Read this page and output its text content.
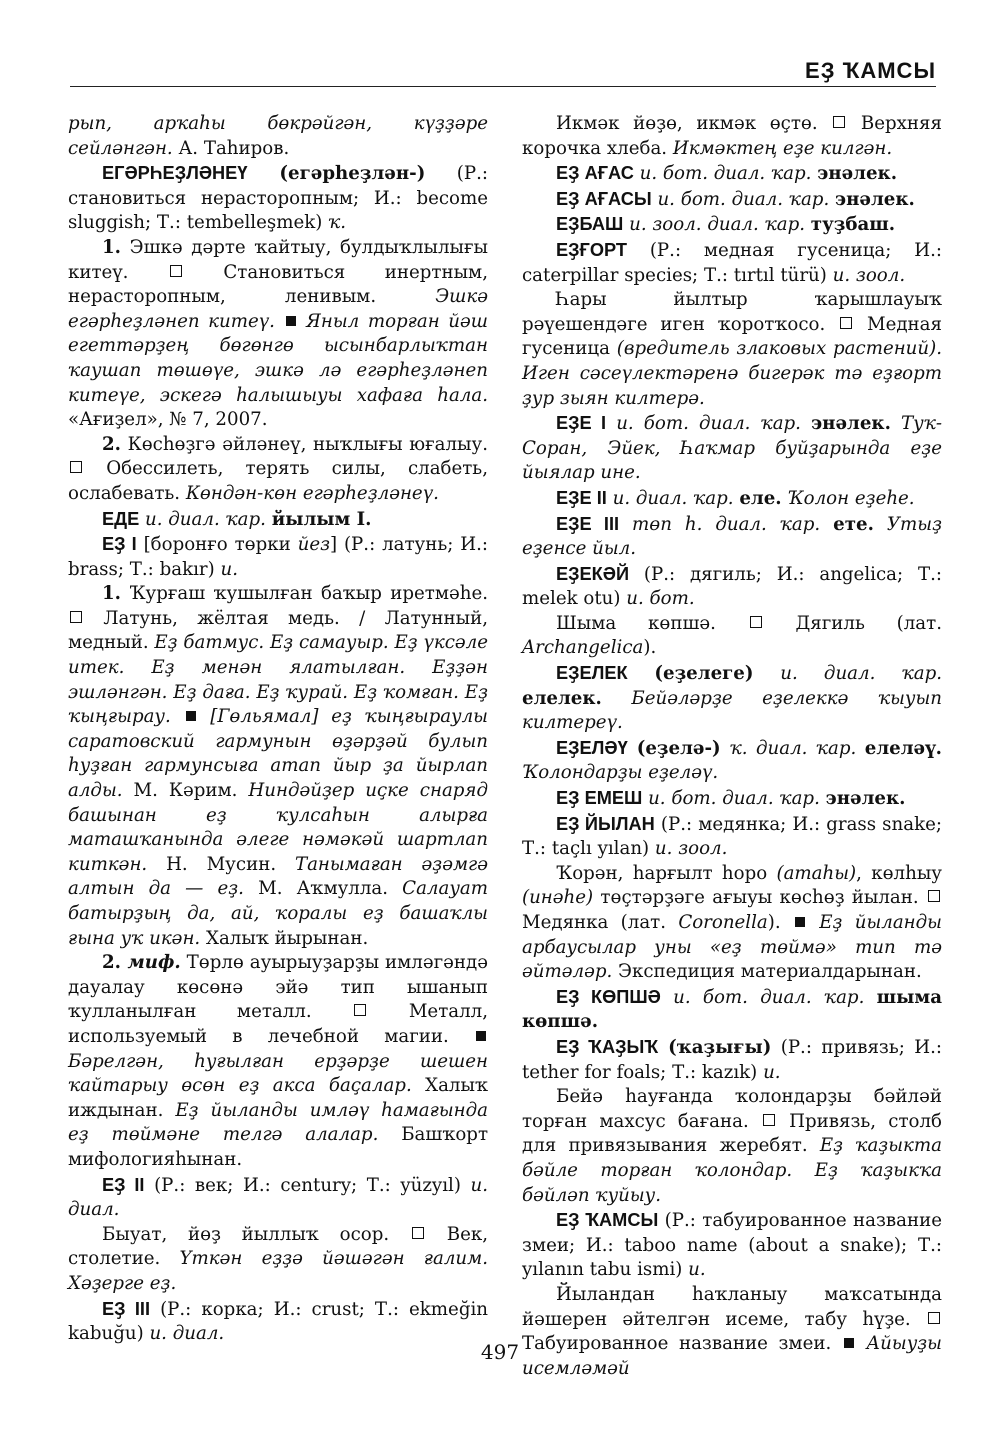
ЕҘ ҠАМСЫ

рып, арҡаһы бөкрәйгән, күҙҙәре сейләнгән. А. Таһиров.

ЕГӘРҺЕҘЛӘНЕҮ (егәрһеҙлән-) (Р.: становиться нерасторопным; И.: become sluggish; Т.: tembelleşmek) ҡ.

1. Эшкә дәрте ҡайтыу, булдыҡлылығы китеү.  Становиться инертным, нерасторопным, ленивым. Эшкә егәрһеҙләнеп китеү.  Яныл торған йәш егеттәрҙең бөгөнгө ысынбарлыҡтан ҡаушап төшөүе, эшкә лә егәрһеҙләнеп китеүе, эскегә һалышыуы хафаға һала. «Ағиҙел», № 7, 2007.

2. Көсһөҙгә әйләнеү, ныҡлығы юғалыу.  Обессилеть, терять силы, слабеть, ослабевать. Көндән-көн егәрһеҙләнеү.

ЕДЕ и. диал. ҡар. йылым І.

ЕҘ І [боронғо төрки йез] (Р.: латунь; И.: brass; Т.: bakır) и.

1. Ҡурғаш ҡушылған баҡыр иретмәһе.  Латунь, жёлтая медь. / Латунный, медный. Еҙ батмус. Еҙ самауыр. Еҙ үксәле итек. Еҙ менән ялатылған. Еҙҙән эшләнгән. Еҙ даға. Еҙ ҡурай. Еҙ ҡомған. Еҙ ҡыңғырау.  [Гөльямал] еҙ ҡыңғыраулы саратовский гармунын өҙәрҙәй булып һуҙған гармунсыға атап йыр ҙа йырлап алды. М. Кәрим. Ниндәйҙер иҫке снаряд башынан еҙ ҡулсаһын алырға маташҡанында әлеге нәмәкәй шартлап киткән. Н. Мусин. Танымаған әҙәмгә алтын да — еҙ. М. Аҡмулла. Салауат батырҙың да, ай, ҡоралы еҙ башаҡлы ғына уҡ икән. Халыҡ йырынан.

2. миф. Төрлө ауырыуҙарҙы имләгәндә дауалау көсөнә эйә тип ышанып ҡулланылған металл.  Металл, используемый в лечебной магии.  Бәрелгән, һуғылған ерҙәрҙе шешен ҡайтарыу өсөн еҙ акса баҫалар. Халыҡ иждынан. Еҙ йыланды имләү һамағында еҙ төймәне телгә алалар. Башҡорт мифологияһынан.

ЕҘ ІІ (Р.: век; И.: century; Т.: yüzyıl) и. диал.

Быуат, йөҙ йыллыҡ осор.  Век, столетие. Үткән еҙҙә йәшәгән ғалим. Хәҙерге еҙ.

ЕҘ ІІІ (Р.: корка; И.: crust; Т.: ekmeğin kabuğu) и. диал.

Икмәк йөҙө, икмәк өҫтө.  Верхняя корочка хлеба. Икмәктең еҙе килгән.

ЕҘ АҒАС и. бот. диал. ҡар. энәлек.

ЕҘ АҒАСЫ и. бот. диал. ҡар. энәлек.

ЕҘБАШ и. зоол. диал. ҡар. туҙбаш.

ЕҘҒОРТ (Р.: медная гусеница; И.: caterpillar species; Т.: tırtıl türü) и. зоол.

Һары йылтыр ҡарышлауыҡ рәүешендәге иген ҡоротҡосо.  Медная гусеница (вредитель злаковых растений). Иген сәсеүлектәренә бигерәк тә еҙғорт ҙур зыян килтерә.

ЕҘЕ І и. бот. диал. ҡар. энәлек. Туҡ-Соран, Эйек, Һаҡмар буйҙарында еҙе йыялар ине.

ЕҘЕ ІІ и. диал. ҡар. еле. Ҡолон еҙеһе.

ЕҘЕ ІІІ төп һ. диал. ҡар. ете. Утыҙ еҙенсе йыл.

ЕҘЕКӘЙ (Р.: дягиль; И.: angelica; Т.: melek otu) и. бот.

Шыма көпшә.  Дягиль (лат. Archangelica).

ЕҘЕЛЕК (еҙелеге) и. диал. ҡар. елелек. Бейәләрҙе еҙелеккә ҡыуып килтереү.

ЕҘЕЛӘҮ (еҙелә-) ҡ. диал. ҡар. елеләү. Ҡолондарҙы еҙеләү.

ЕҘ ЕМЕШ и. бот. диал. ҡар. энәлек.

ЕҘ ЙЫЛАН (Р.: медянка; И.: grass snake; Т.: taçlı yılan) и. зоол.

Ҡорән, һарғылт һоро (атаһы), көлһыу (инәһе) төҫтәрҙәге ағыуы көсһөҙ йылан.  Медянка (лат. Coronella).  Еҙ йыланды арбаусылар уны «еҙ төймә» тип тә әйтәләр. Экспедиция материалдарынан.

ЕҘ КӨПШӘ и. бот. диал. ҡар. шыма көпшә.

ЕҘ ҠАҘЫҠ (ҡаҙығы) (Р.: привязь; И.: tether for foals; Т.: kazık) и.

Бейә һауғанда ҡолондарҙы бәйләй торған махсус бағана.  Привязь, столб для привязывания жеребят. Еҙ ҡаҙыкта бәйле торған ҡолондар. Еҙ ҡаҙыкҡа бәйләп ҡуйыу.

ЕҘ ҠАМСЫ (Р.: табуированное название змеи; И.: taboo name (about a snake); Т.: yılanın tabu ismi) и.

Йыландан һаҡланыу маҡсатында йәшерен әйтелгән исеме, табу һүҙе.  Табуированное название змеи.  Айыуҙы исемләмәй

497
